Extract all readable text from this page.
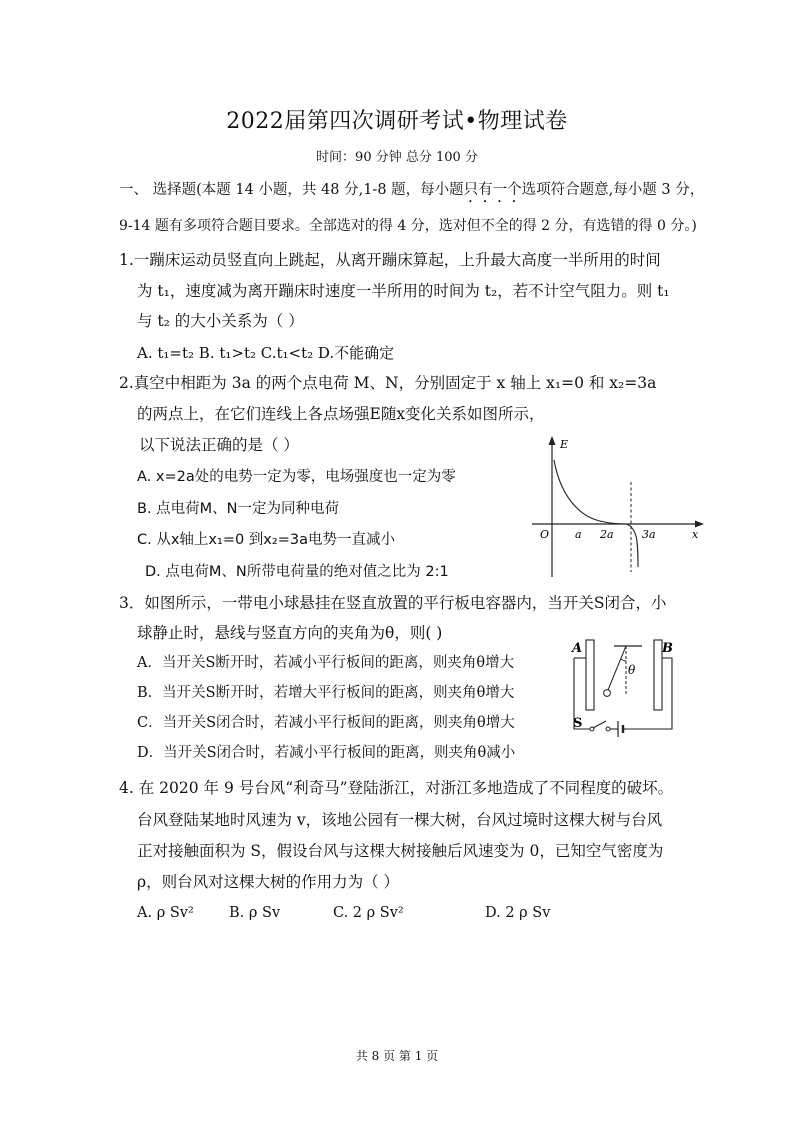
2022届第四次调研考试•物理试卷
时间：90 分钟 总分 100 分
一、 选择题(本题 14 小题，共 48 分,1-8 题，每小题只有一个选项符合题意,每小题 3 分，
9-14 题有多项符合题目要求。全部选对的得 4 分，选对但不全的得 2 分，有选错的得 0 分。)
1.一蹦床运动员竖直向上跳起，从离开蹦床算起，上升最大高度一半所用的时间
为 t₁，速度减为离开蹦床时速度一半所用的时间为 t₂，若不计空气阻力。则 t₁
与 t₂ 的大小关系为（ ）
A. t₁=t₂ B. t₁>t₂ C.t₁<t₂ D.不能确定
2.真空中相距为 3a 的两个点电荷 M、N，分别固定于 x 轴上 x₁=0 和 x₂=3a
的两点上，在它们连线上各点场强E随x变化关系如图所示，
以下说法正确的是（ ）
A. x=2a处的电势一定为零，电场强度也一定为零
B. 点电荷M、N一定为同种电荷
C. 从x轴上x₁=0 到x₂=3a电势一直减小
D. 点电荷M、N所带电荷量的绝对值之比为 2:1
E
O a 2a	3a	x
3．如图所示，一带电小球悬挂在竖直放置的平行板电容器内，当开关S闭合，小
球静止时，悬线与竖直方向的夹角为θ，则( )
A．当开关S断开时，若减小平行板间的距离，则夹角θ增大
B．当开关S断开时，若增大平行板间的距离，则夹角θ增大
C．当开关S闭合时，若减小平行板间的距离，则夹角θ增大
D．当开关S闭合时，若减小平行板间的距离，则夹角θ减小
A	B
θ
S
4. 在 2020 年 9 号台风“利奇马”登陆浙江，对浙江多地造成了不同程度的破坏。
台风登陆某地时风速为 v，该地公园有一棵大树，台风过境时这棵大树与台风
正对接触面积为 S，假设台风与这棵大树接触后风速变为 0，已知空气密度为
ρ，则台风对这棵大树的作用力为（ ）
A. ρ Sv² B. ρ Sv	C. 2 ρ Sv²	D. 2 ρ Sv
共 8 页 第 1 页
